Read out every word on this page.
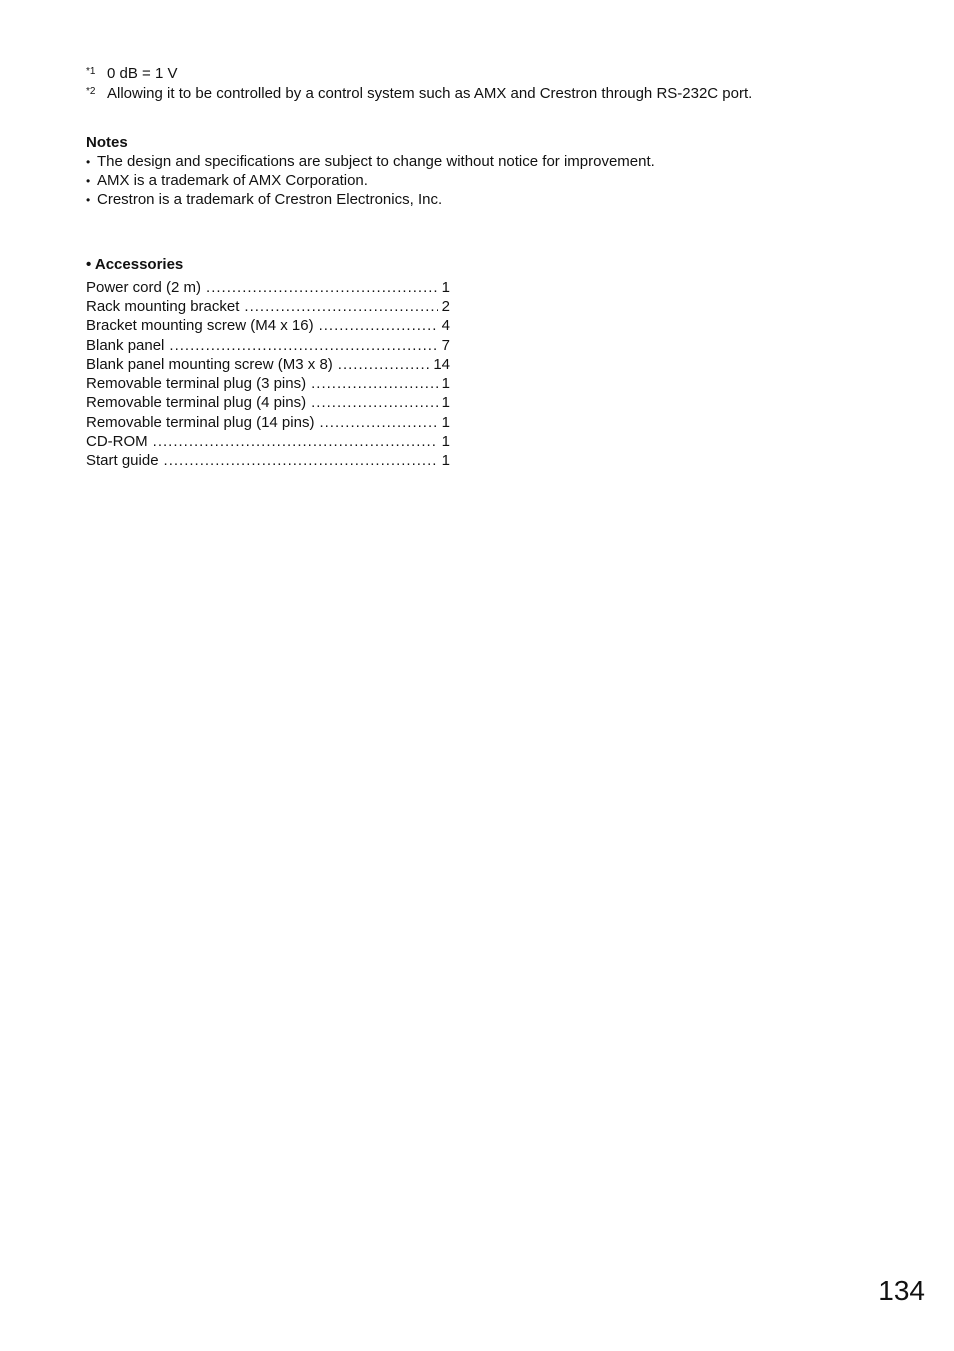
*1 0 dB = 1 V
*2 Allowing it to be controlled by a control system such as AMX and Crestron through RS-232C port.
Notes
• The design and specifications are subject to change without notice for improvement.
• AMX is a trademark of AMX Corporation.
• Crestron is a trademark of Crestron Electronics, Inc.
• Accessories
Power cord (2 m) .....	1
Rack mounting bracket .....	2
Bracket mounting screw (M4 x 16) .....	4
Blank panel .....	7
Blank panel mounting screw (M3 x 8) .....	14
Removable terminal plug (3 pins) .....	1
Removable terminal plug (4 pins) .....	1
Removable terminal plug (14 pins) .....	1
CD-ROM .....	1
Start guide .....	1
134
